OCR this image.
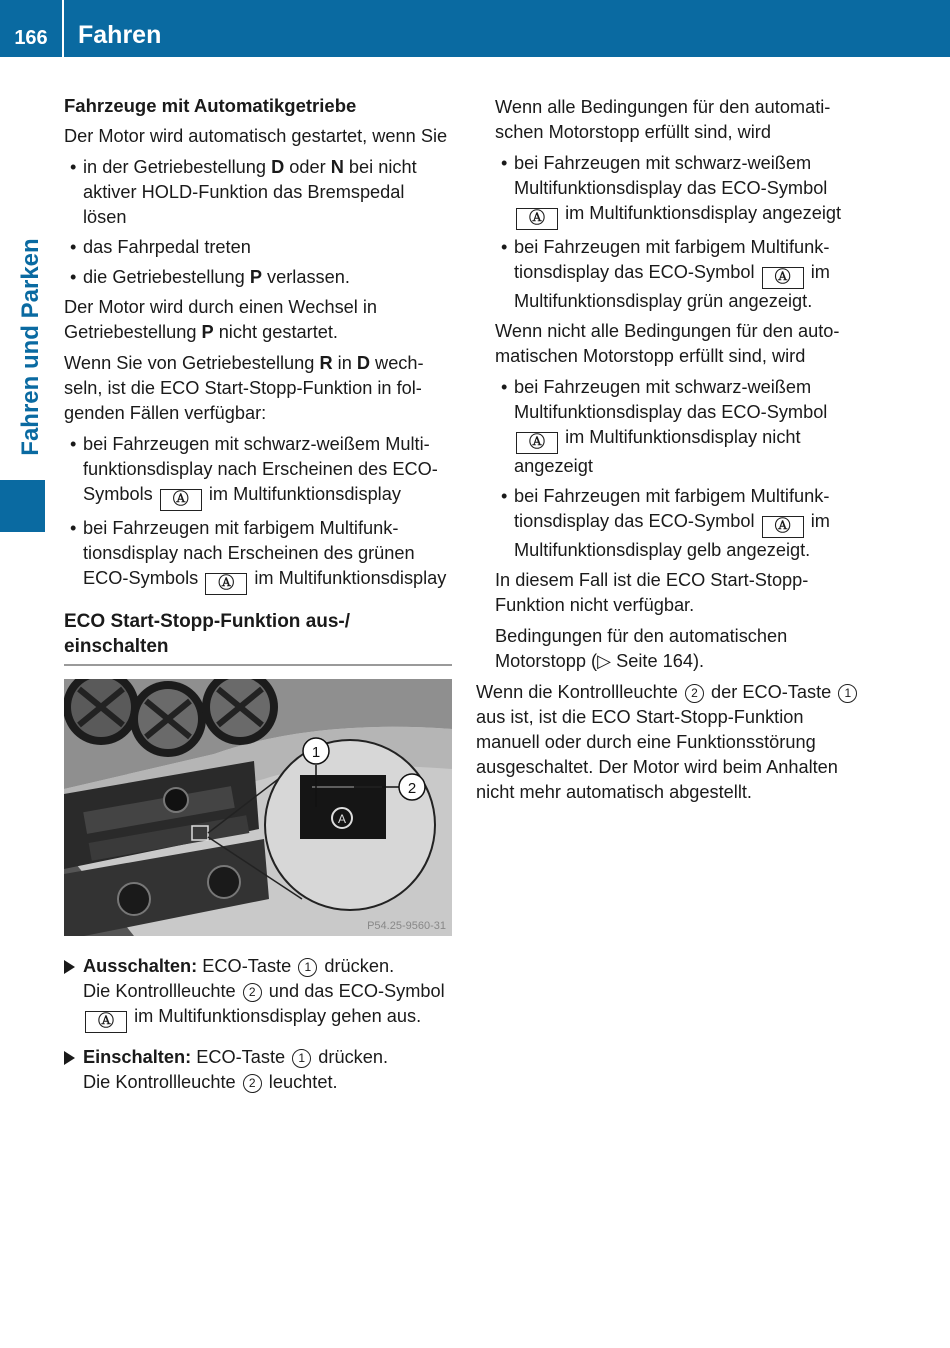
166	Fahren
Fahren und Parken
Fahrzeuge mit Automatikgetriebe

Der Motor wird automatisch gestartet, wenn Sie

• in der Getriebestellung D oder N bei nicht aktiver HOLD-Funktion das Bremspedal lösen
• das Fahrpedal treten
• die Getriebestellung P verlassen.

Der Motor wird durch einen Wechsel in Getriebestellung P nicht gestartet.

Wenn Sie von Getriebestellung R in D wechseln, ist die ECO Start-Stopp-Funktion in folgenden Fällen verfügbar:

• bei Fahrzeugen mit schwarz-weißem Multifunktionsdisplay nach Erscheinen des ECO-Symbols Ⓐ im Multifunktionsdisplay
• bei Fahrzeugen mit farbigem Multifunktionsdisplay nach Erscheinen des grünen ECO-Symbols Ⓐ im Multifunktionsdisplay
ECO Start-Stopp-Funktion aus-/ einschalten
A
1
2
P54.25-9560-31
Ausschalten: ECO-Taste 1 drücken.
Die Kontrollleuchte 2 und das ECO-Symbol Ⓐ im Multifunktionsdisplay gehen aus.
Einschalten: ECO-Taste 1 drücken.
Die Kontrollleuchte 2 leuchtet.

Wenn alle Bedingungen für den automatischen Motorstopp erfüllt sind, wird

• bei Fahrzeugen mit schwarz-weißem Multifunktionsdisplay das ECO-Symbol Ⓐ im Multifunktionsdisplay angezeigt
• bei Fahrzeugen mit farbigem Multifunktionsdisplay das ECO-Symbol Ⓐ im Multifunktionsdisplay grün angezeigt.

Wenn nicht alle Bedingungen für den automatischen Motorstopp erfüllt sind, wird

• bei Fahrzeugen mit schwarz-weißem Multifunktionsdisplay das ECO-Symbol Ⓐ im Multifunktionsdisplay nicht angezeigt
• bei Fahrzeugen mit farbigem Multifunktionsdisplay das ECO-Symbol Ⓐ im Multifunktionsdisplay gelb angezeigt.

In diesem Fall ist die ECO Start-Stopp-Funktion nicht verfügbar.

Bedingungen für den automatischen Motorstopp (▷ Seite 164).

Wenn die Kontrollleuchte 2 der ECO-Taste 1 aus ist, ist die ECO Start-Stopp-Funktion manuell oder durch eine Funktionsstörung ausgeschaltet. Der Motor wird beim Anhalten nicht mehr automatisch abgestellt.
